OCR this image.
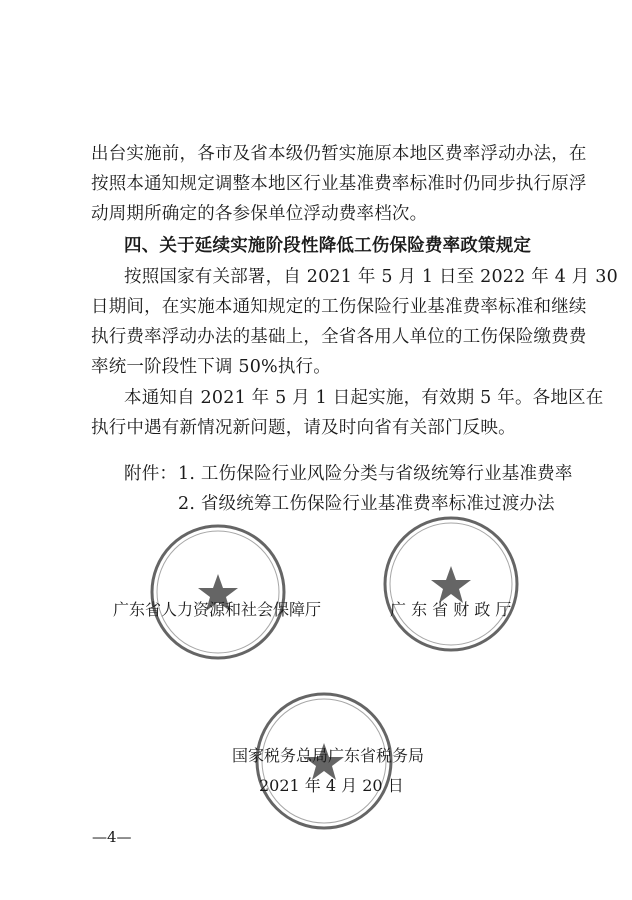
出台实施前，各市及省本级仍暂实施原本地区费率浮动办法，在
按照本通知规定调整本地区行业基准费率标准时仍同步执行原浮
动周期所确定的各参保单位浮动费率档次。
四、关于延续实施阶段性降低工伤保险费率政策规定
按照国家有关部署，自 2021 年 5 月 1 日至 2022 年 4 月 30
日期间，在实施本通知规定的工伤保险行业基准费率标准和继续
执行费率浮动办法的基础上，全省各用人单位的工伤保险缴费费
率统一阶段性下调 50%执行。
本通知自 2021 年 5 月 1 日起实施，有效期 5 年。各地区在
执行中遇有新情况新问题，请及时向省有关部门反映。
附件： 1. 工伤保险行业风险分类与省级统筹行业基准费率
2. 省级统筹工伤保险行业基准费率标准过渡办法
广东省人力资源和社会保障厅	广 东 省 财 政 厅
国家税务总局广东省税务局
2021 年 4 月 20 日
—4—
